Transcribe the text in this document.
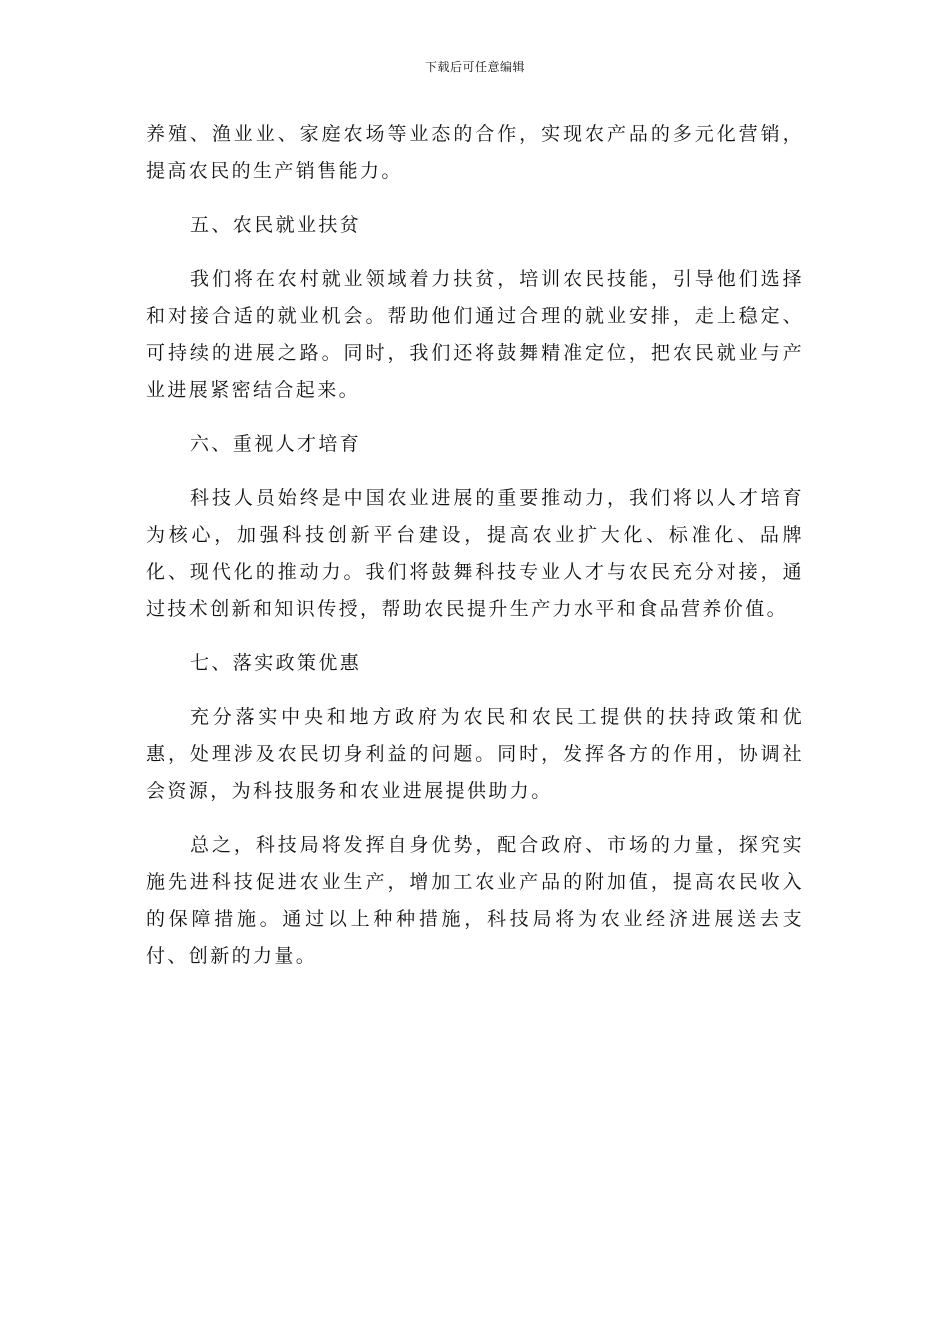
下载后可任意编辑

养殖、渔业业、家庭农场等业态的合作，实现农产品的多元化营销，提高农民的生产销售能力。

五、农民就业扶贫

我们将在农村就业领域着力扶贫，培训农民技能，引导他们选择和对接合适的就业机会。帮助他们通过合理的就业安排，走上稳定、可持续的进展之路。同时，我们还将鼓舞精准定位，把农民就业与产业进展紧密结合起来。

六、重视人才培育

科技人员始终是中国农业进展的重要推动力，我们将以人才培育为核心，加强科技创新平台建设，提高农业扩大化、标准化、品牌化、现代化的推动力。我们将鼓舞科技专业人才与农民充分对接，通过技术创新和知识传授，帮助农民提升生产力水平和食品营养价值。

七、落实政策优惠

充分落实中央和地方政府为农民和农民工提供的扶持政策和优惠，处理涉及农民切身利益的问题。同时，发挥各方的作用，协调社会资源，为科技服务和农业进展提供助力。

总之，科技局将发挥自身优势，配合政府、市场的力量，探究实施先进科技促进农业生产，增加工农业产品的附加值，提高农民收入的保障措施。通过以上种种措施，科技局将为农业经济进展送去支付、创新的力量。
